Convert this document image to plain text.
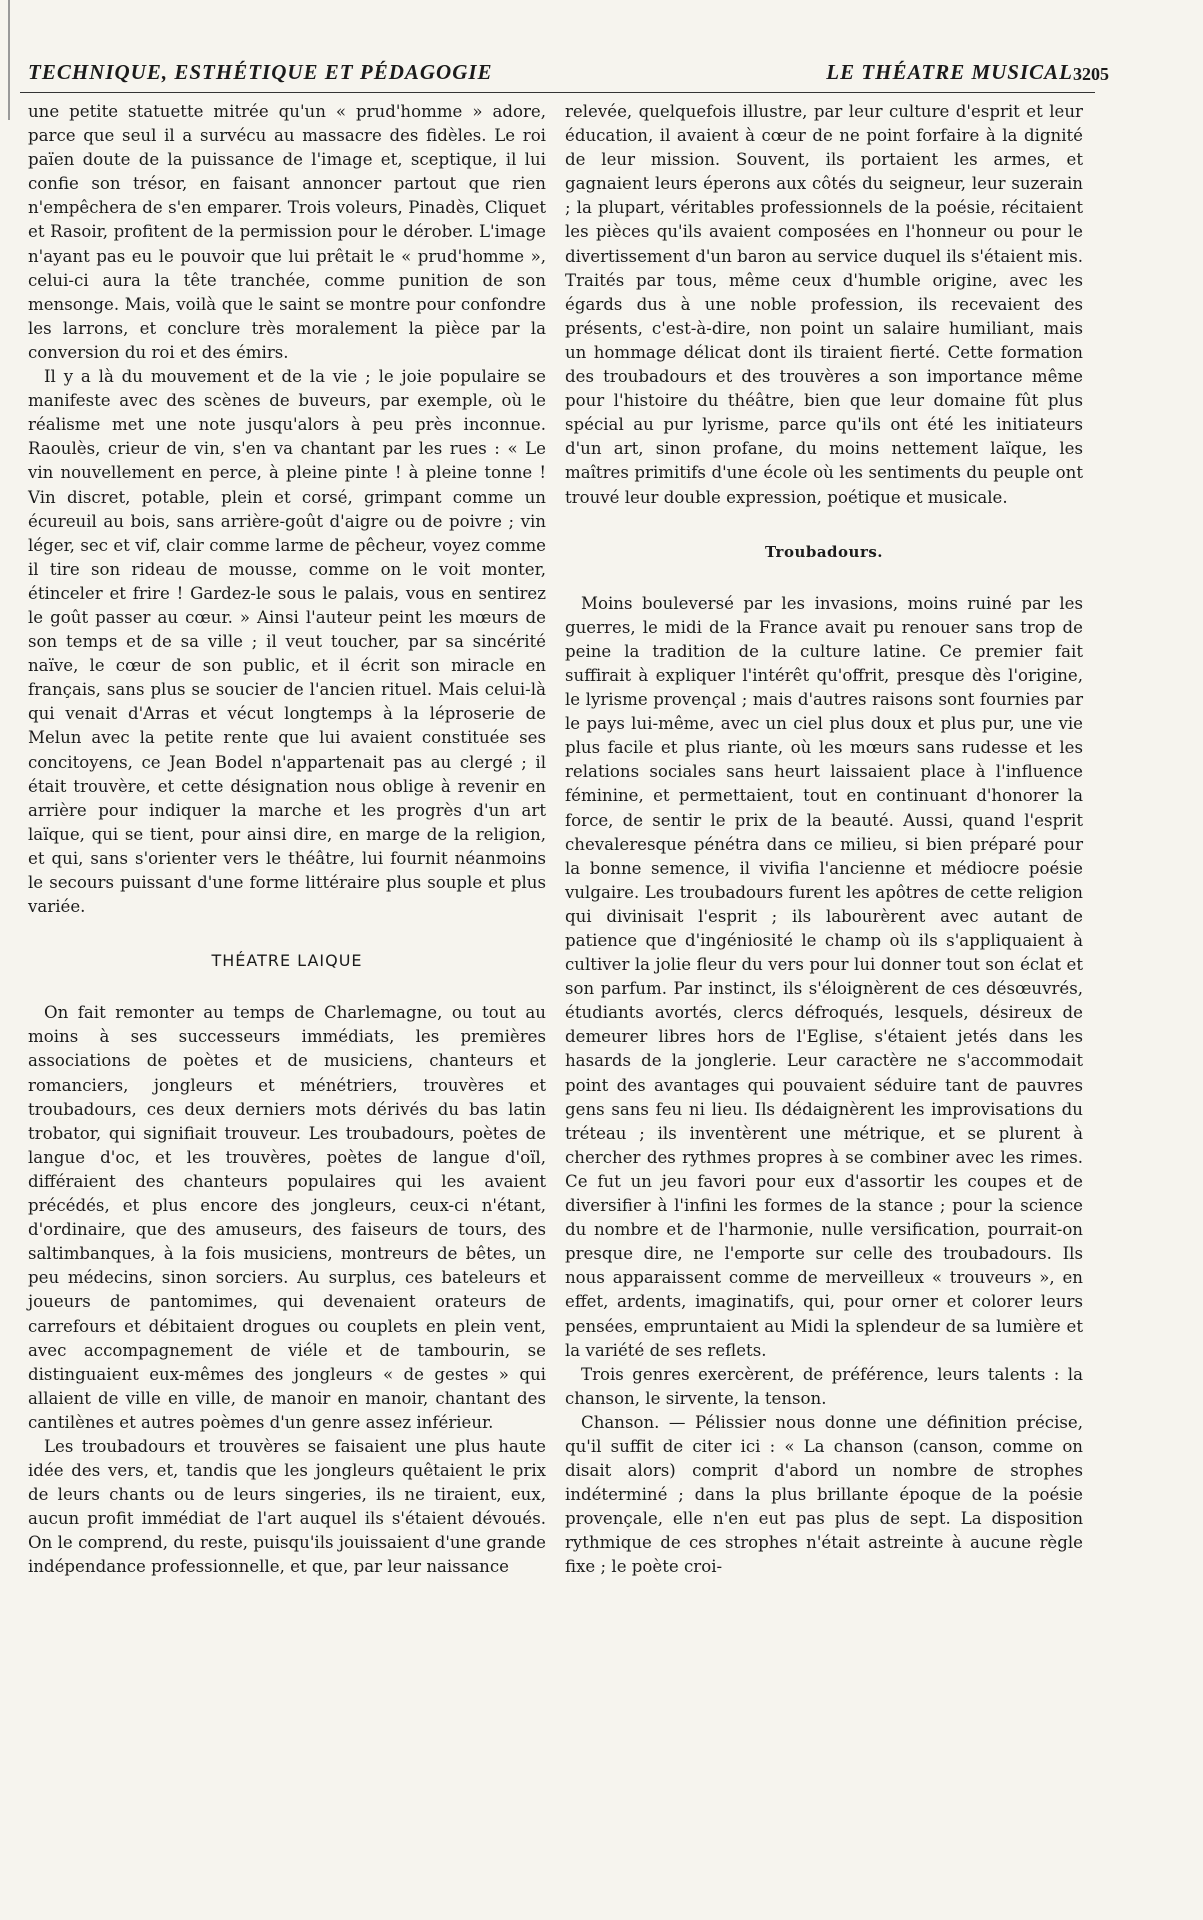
TECHNIQUE, ESTHÉTIQUE ET PÉDAGOGIE	LE THÉATRE MUSICAL 3205

une petite statuette mitrée qu'un « prud'homme » adore, parce que seul il a survécu au massacre des fidèles. Le roi païen doute de la puissance de l'image et, sceptique, il lui confie son trésor, en faisant annoncer partout que rien n'empêchera de s'en emparer. Trois voleurs, Pinadès, Cliquet et Rasoir, profitent de la permission pour le dérober. L'image n'ayant pas eu le pouvoir que lui prêtait le « prud'homme », celui-ci aura la tête tranchée, comme punition de son mensonge. Mais, voilà que le saint se montre pour confondre les larrons, et conclure très moralement la pièce par la conversion du roi et des émirs.

Il y a là du mouvement et de la vie ; le joie populaire se manifeste avec des scènes de buveurs, par exemple, où le réalisme met une note jusqu'alors à peu près inconnue. Raoulès, crieur de vin, s'en va chantant par les rues : « Le vin nouvellement en perce, à pleine pinte ! à pleine tonne ! Vin discret, potable, plein et corsé, grimpant comme un écureuil au bois, sans arrière-goût d'aigre ou de poivre ; vin léger, sec et vif, clair comme larme de pêcheur, voyez comme il tire son rideau de mousse, comme on le voit monter, étinceler et frire ! Gardez-le sous le palais, vous en sentirez le goût passer au cœur. » Ainsi l'auteur peint les mœurs de son temps et de sa ville ; il veut toucher, par sa sincérité naïve, le cœur de son public, et il écrit son miracle en français, sans plus se soucier de l'ancien rituel. Mais celui-là qui venait d'Arras et vécut longtemps à la léproserie de Melun avec la petite rente que lui avaient constituée ses concitoyens, ce Jean Bodel n'appartenait pas au clergé ; il était trouvère, et cette désignation nous oblige à revenir en arrière pour indiquer la marche et les progrès d'un art laïque, qui se tient, pour ainsi dire, en marge de la religion, et qui, sans s'orienter vers le théâtre, lui fournit néanmoins le secours puissant d'une forme littéraire plus souple et plus variée.

THÉATRE LAIQUE

On fait remonter au temps de Charlemagne, ou tout au moins à ses successeurs immédiats, les premières associations de poètes et de musiciens, chanteurs et romanciers, jongleurs et ménétriers, trouvères et troubadours, ces deux derniers mots dérivés du bas latin trobator, qui signifiait trouveur. Les troubadours, poètes de langue d'oc, et les trouvères, poètes de langue d'oïl, différaient des chanteurs populaires qui les avaient précédés, et plus encore des jongleurs, ceux-ci n'étant, d'ordinaire, que des amuseurs, des faiseurs de tours, des saltimbanques, à la fois musiciens, montreurs de bêtes, un peu médecins, sinon sorciers. Au surplus, ces bateleurs et joueurs de pantomimes, qui devenaient orateurs de carrefours et débitaient drogues ou couplets en plein vent, avec accompagnement de viéle et de tambourin, se distinguaient eux-mêmes des jongleurs « de gestes » qui allaient de ville en ville, de manoir en manoir, chantant des cantilènes et autres poèmes d'un genre assez inférieur.

Les troubadours et trouvères se faisaient une plus haute idée des vers, et, tandis que les jongleurs quêtaient le prix de leurs chants ou de leurs singeries, ils ne tiraient, eux, aucun profit immédiat de l'art auquel ils s'étaient dévoués. On le comprend, du reste, puisqu'ils jouissaient d'une grande indépendance professionnelle, et que, par leur naissance

relevée, quelquefois illustre, par leur culture d'esprit et leur éducation, il avaient à cœur de ne point forfaire à la dignité de leur mission. Souvent, ils portaient les armes, et gagnaient leurs éperons aux côtés du seigneur, leur suzerain ; la plupart, véritables professionnels de la poésie, récitaient les pièces qu'ils avaient composées en l'honneur ou pour le divertissement d'un baron au service duquel ils s'étaient mis. Traités par tous, même ceux d'humble origine, avec les égards dus à une noble profession, ils recevaient des présents, c'est-à-dire, non point un salaire humiliant, mais un hommage délicat dont ils tiraient fierté. Cette formation des troubadours et des trouvères a son importance même pour l'histoire du théâtre, bien que leur domaine fût plus spécial au pur lyrisme, parce qu'ils ont été les initiateurs d'un art, sinon profane, du moins nettement laïque, les maîtres primitifs d'une école où les sentiments du peuple ont trouvé leur double expression, poétique et musicale.

Troubadours.

Moins bouleversé par les invasions, moins ruiné par les guerres, le midi de la France avait pu renouer sans trop de peine la tradition de la culture latine. Ce premier fait suffirait à expliquer l'intérêt qu'offrit, presque dès l'origine, le lyrisme provençal ; mais d'autres raisons sont fournies par le pays lui-même, avec un ciel plus doux et plus pur, une vie plus facile et plus riante, où les mœurs sans rudesse et les relations sociales sans heurt laissaient place à l'influence féminine, et permettaient, tout en continuant d'honorer la force, de sentir le prix de la beauté. Aussi, quand l'esprit chevaleresque pénétra dans ce milieu, si bien préparé pour la bonne semence, il vivifia l'ancienne et médiocre poésie vulgaire. Les troubadours furent les apôtres de cette religion qui divinisait l'esprit ; ils labourèrent avec autant de patience que d'ingéniosité le champ où ils s'appliquaient à cultiver la jolie fleur du vers pour lui donner tout son éclat et son parfum. Par instinct, ils s'éloignèrent de ces désœuvrés, étudiants avortés, clercs défroqués, lesquels, désireux de demeurer libres hors de l'Eglise, s'étaient jetés dans les hasards de la jonglerie. Leur caractère ne s'accommodait point des avantages qui pouvaient séduire tant de pauvres gens sans feu ni lieu. Ils dédaignèrent les improvisations du tréteau ; ils inventèrent une métrique, et se plurent à chercher des rythmes propres à se combiner avec les rimes. Ce fut un jeu favori pour eux d'assortir les coupes et de diversifier à l'infini les formes de la stance ; pour la science du nombre et de l'harmonie, nulle versification, pourrait-on presque dire, ne l'emporte sur celle des troubadours. Ils nous apparaissent comme de merveilleux « trouveurs », en effet, ardents, imaginatifs, qui, pour orner et colorer leurs pensées, empruntaient au Midi la splendeur de sa lumière et la variété de ses reflets.

Trois genres exercèrent, de préférence, leurs talents : la chanson, le sirvente, la tenson.

Chanson. — Pélissier nous donne une définition précise, qu'il suffit de citer ici : « La chanson (canson, comme on disait alors) comprit d'abord un nombre de strophes indéterminé ; dans la plus brillante époque de la poésie provençale, elle n'en eut pas plus de sept. La disposition rythmique de ces strophes n'était astreinte à aucune règle fixe ; le poète croi-
